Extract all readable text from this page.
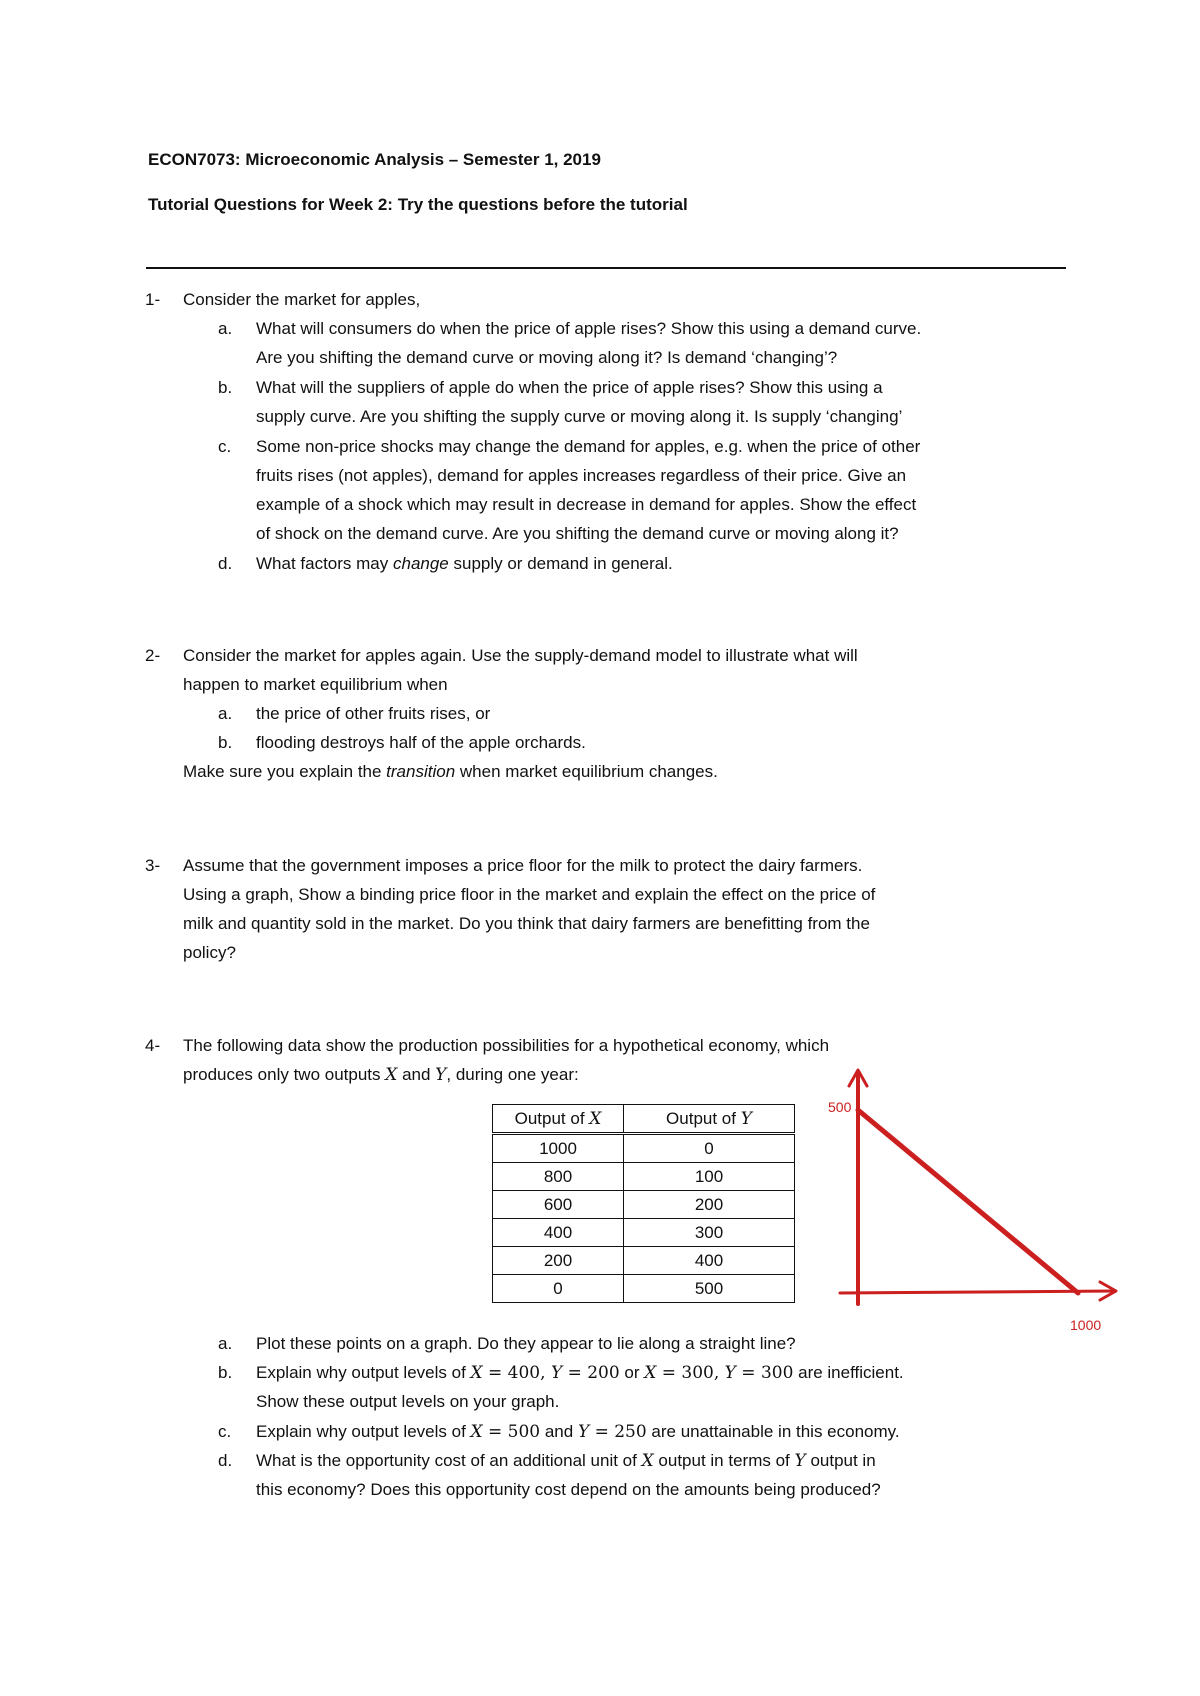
ECON7073: Microeconomic Analysis – Semester 1, 2019
Tutorial Questions for Week 2: Try the questions before the tutorial
1- Consider the market for apples,
a. What will consumers do when the price of apple rises? Show this using a demand curve.
Are you shifting the demand curve or moving along it? Is demand ‘changing’?
b. What will the suppliers of apple do when the price of apple rises? Show this using a
supply curve. Are you shifting the supply curve or moving along it. Is supply ‘changing’
c. Some non-price shocks may change the demand for apples, e.g. when the price of other
fruits rises (not apples), demand for apples increases regardless of their price. Give an
example of a shock which may result in decrease in demand for apples. Show the effect
of shock on the demand curve. Are you shifting the demand curve or moving along it?
d. What factors may change supply or demand in general.
2- Consider the market for apples again. Use the supply-demand model to illustrate what will
happen to market equilibrium when
a. the price of other fruits rises, or
b. flooding destroys half of the apple orchards.
Make sure you explain the transition when market equilibrium changes.
3- Assume that the government imposes a price floor for the milk to protect the dairy farmers.
Using a graph, Show a binding price floor in the market and explain the effect on the price of
milk and quantity sold in the market. Do you think that dairy farmers are benefitting from the
policy?
4- The following data show the production possibilities for a hypothetical economy, which
produces only two outputs X and Y, during one year:
Output of X	Output of Y
1000	0
800	100
600	200
400	300
200	400
0	500
500
1000
a. Plot these points on a graph. Do they appear to lie along a straight line?
b. Explain why output levels of X = 400, Y = 200 or X = 300, Y = 300 are inefficient.
Show these output levels on your graph.
c. Explain why output levels of X = 500 and Y = 250 are unattainable in this economy.
d. What is the opportunity cost of an additional unit of X output in terms of Y output in
this economy? Does this opportunity cost depend on the amounts being produced?
